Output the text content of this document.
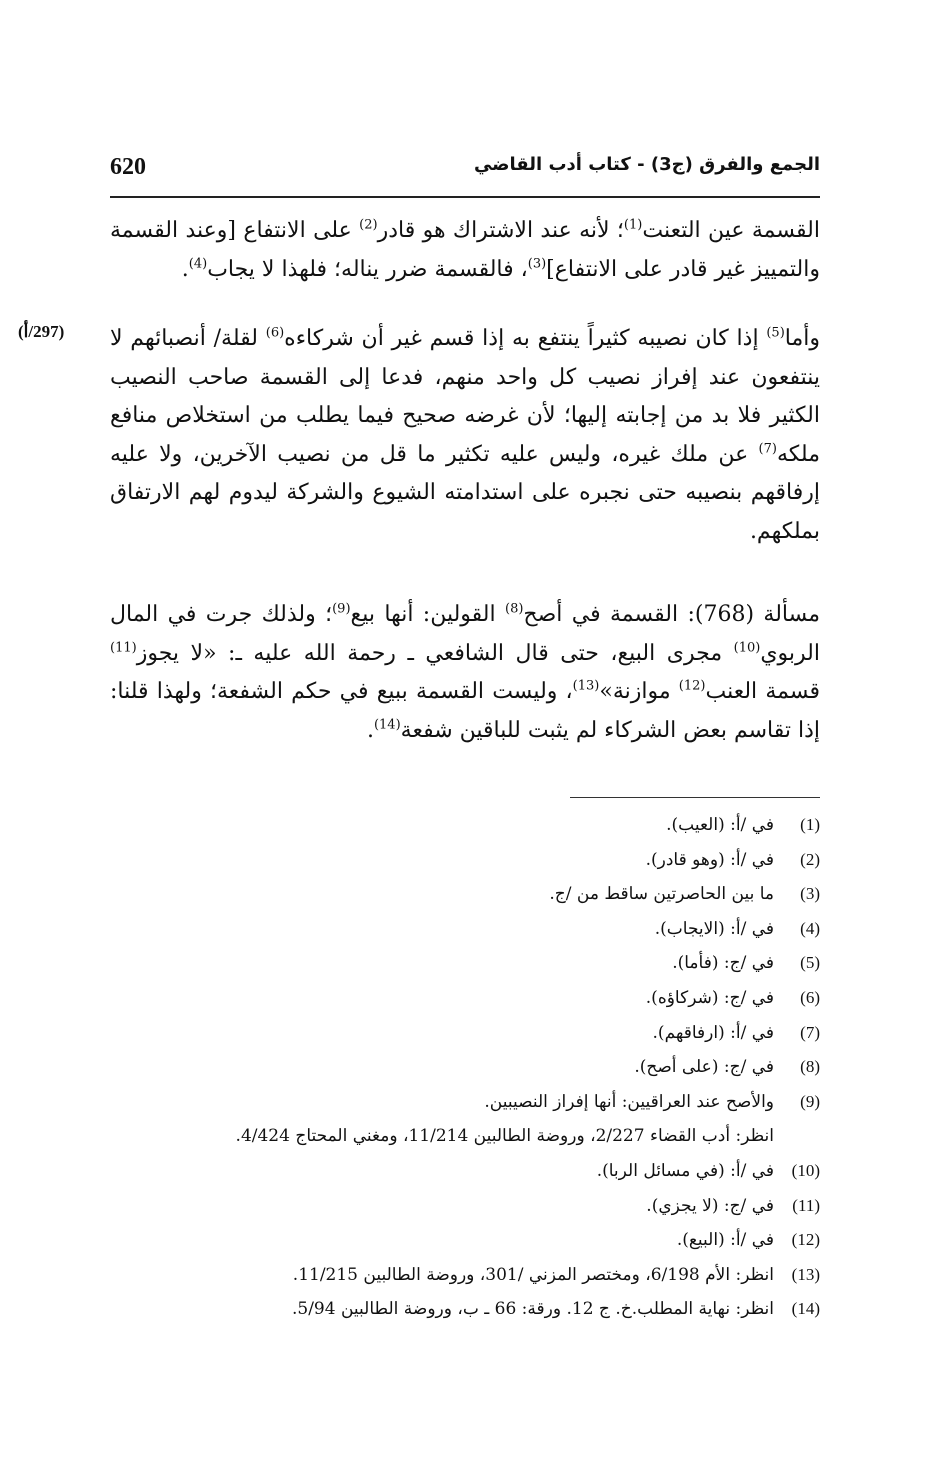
620	الجمع والفرق (ج3) - كتاب أدب القاضي
(297/أ)
القسمة عين التعنت$^{(1)}$؛ لأنه عند الاشتراك هو قادر$^{(2)}$ على الانتفاع [وعند القسمة والتمييز غير قادر على الانتفاع]$^{(3)}$، فالقسمة ضرر يناله؛ فلهذا لا يجاب$^{(4)}$.
وأما$^{(5)}$ إذا كان نصيبه كثيراً ينتفع به إذا قسم غير أن شركاءه$^{(6)}$ لقلة/ أنصبائهم لا ينتفعون عند إفراز نصيب كل واحد منهم، فدعا إلى القسمة صاحب النصيب الكثير فلا بد من إجابته إليها؛ لأن غرضه صحيح فيما يطلب من استخلاص منافع ملكه$^{(7)}$ عن ملك غيره، وليس عليه تكثير ما قل من نصيب الآخرين، ولا عليه إرفاقهم بنصيبه حتى نجبره على استدامته الشيوع والشركة ليدوم لهم الارتفاق بملكهم.
مسألة (768): القسمة في أصح$^{(8)}$ القولين: أنها بيع$^{(9)}$؛ ولذلك جرت في المال الربوي$^{(10)}$ مجرى البيع، حتى قال الشافعي ـ رحمة الله عليه ـ: «لا يجوز$^{(11)}$ قسمة العنب$^{(12)}$ موازنة»$^{(13)}$، وليست القسمة ببيع في حكم الشفعة؛ ولهذا قلنا: إذا تقاسم بعض الشركاء لم يثبت للباقين شفعة$^{(14)}$.
(1)
في /أ: (العيب).
(2)
في /أ: (وهو قادر).
(3)
ما بين الحاصرتين ساقط من /ج.
(4)
في /أ: (الايجاب).
(5)
في /ج: (فأما).
(6)
في /ج: (شركاؤه).
(7)
في /أ: (ارفاقهم).
(8)
في /ج: (على أصح).
(9)
والأصح عند العراقيين: أنها إفراز النصيبين.
انظر: أدب القضاء 2/227، وروضة الطالبين 11/214، ومغني المحتاج 4/424.
(10)
في /أ: (في مسائل الربا).
(11)
في /ج: (لا يجزي).
(12)
في /أ: (البيع).
(13)
انظر: الأم 6/198، ومختصر المزني /301، وروضة الطالبين 11/215.
(14)
انظر: نهاية المطلب.خ. ج 12. ورقة: 66 ـ ب، وروضة الطالبين 5/94.
